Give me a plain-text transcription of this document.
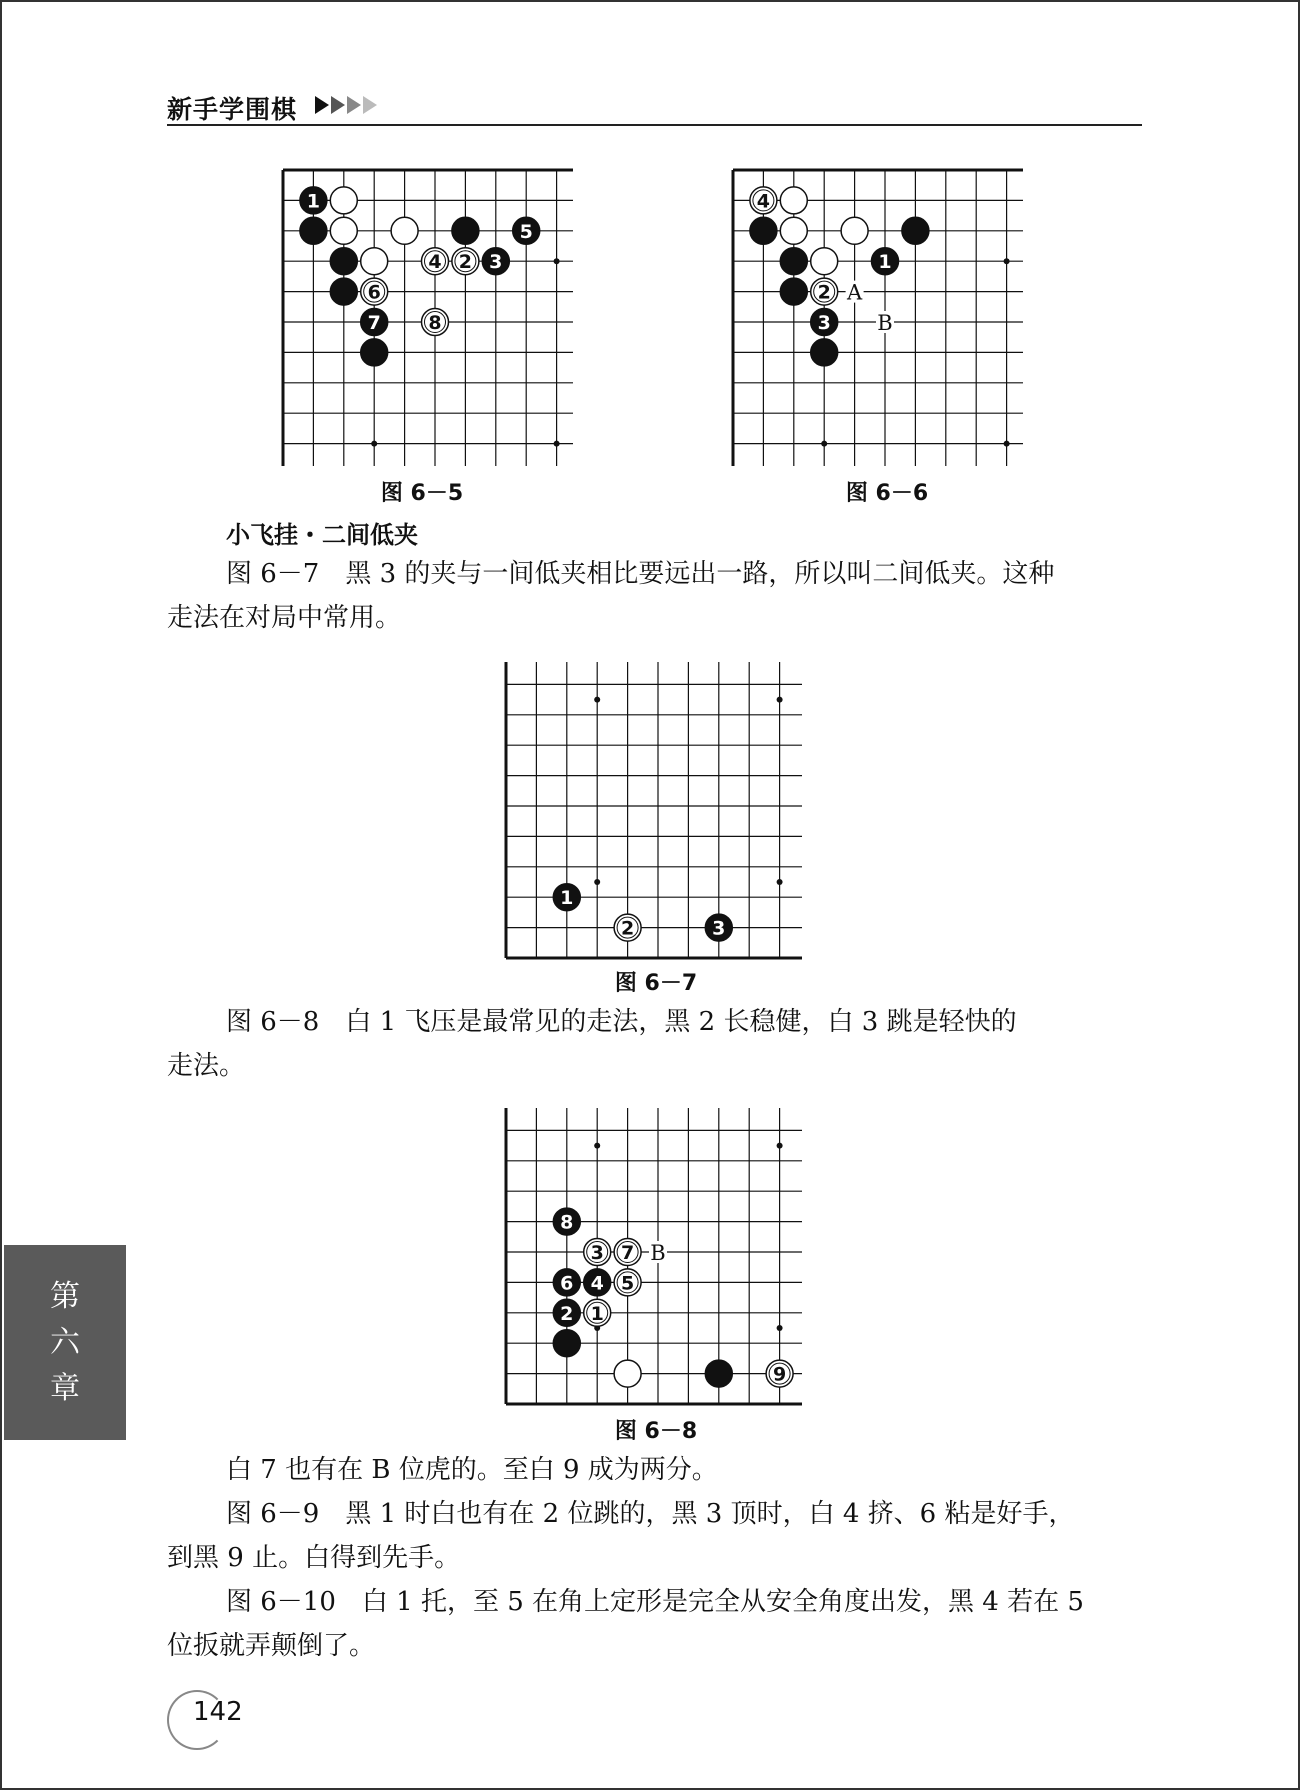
新手学围棋
1
5
4 2 3
6
7	8
图 6－5
A
B
4
1
2
3
图 6－6
小飞挂・二间低夹
图 6－7　黑 3 的夹与一间低夹相比要远出一路，所以叫二间低夹。这种
走法在对局中常用。
1
2	3
图 6－7
图 6－8　白 1 飞压是最常见的走法，黑 2 长稳健，白 3 跳是轻快的
走法。
B
8
3 7
6 4 5
2 1
9
图 6－8
白 7 也有在 B 位虎的。至白 9 成为两分。
图 6－9　黑 1 时白也有在 2 位跳的，黑 3 顶时，白 4 挤、6 粘是好手，
到黑 9 止。白得到先手。
图 6－10　白 1 托，至 5 在角上定形是完全从安全角度出发，黑 4 若在 5
位扳就弄颠倒了。
第
六
章
142
